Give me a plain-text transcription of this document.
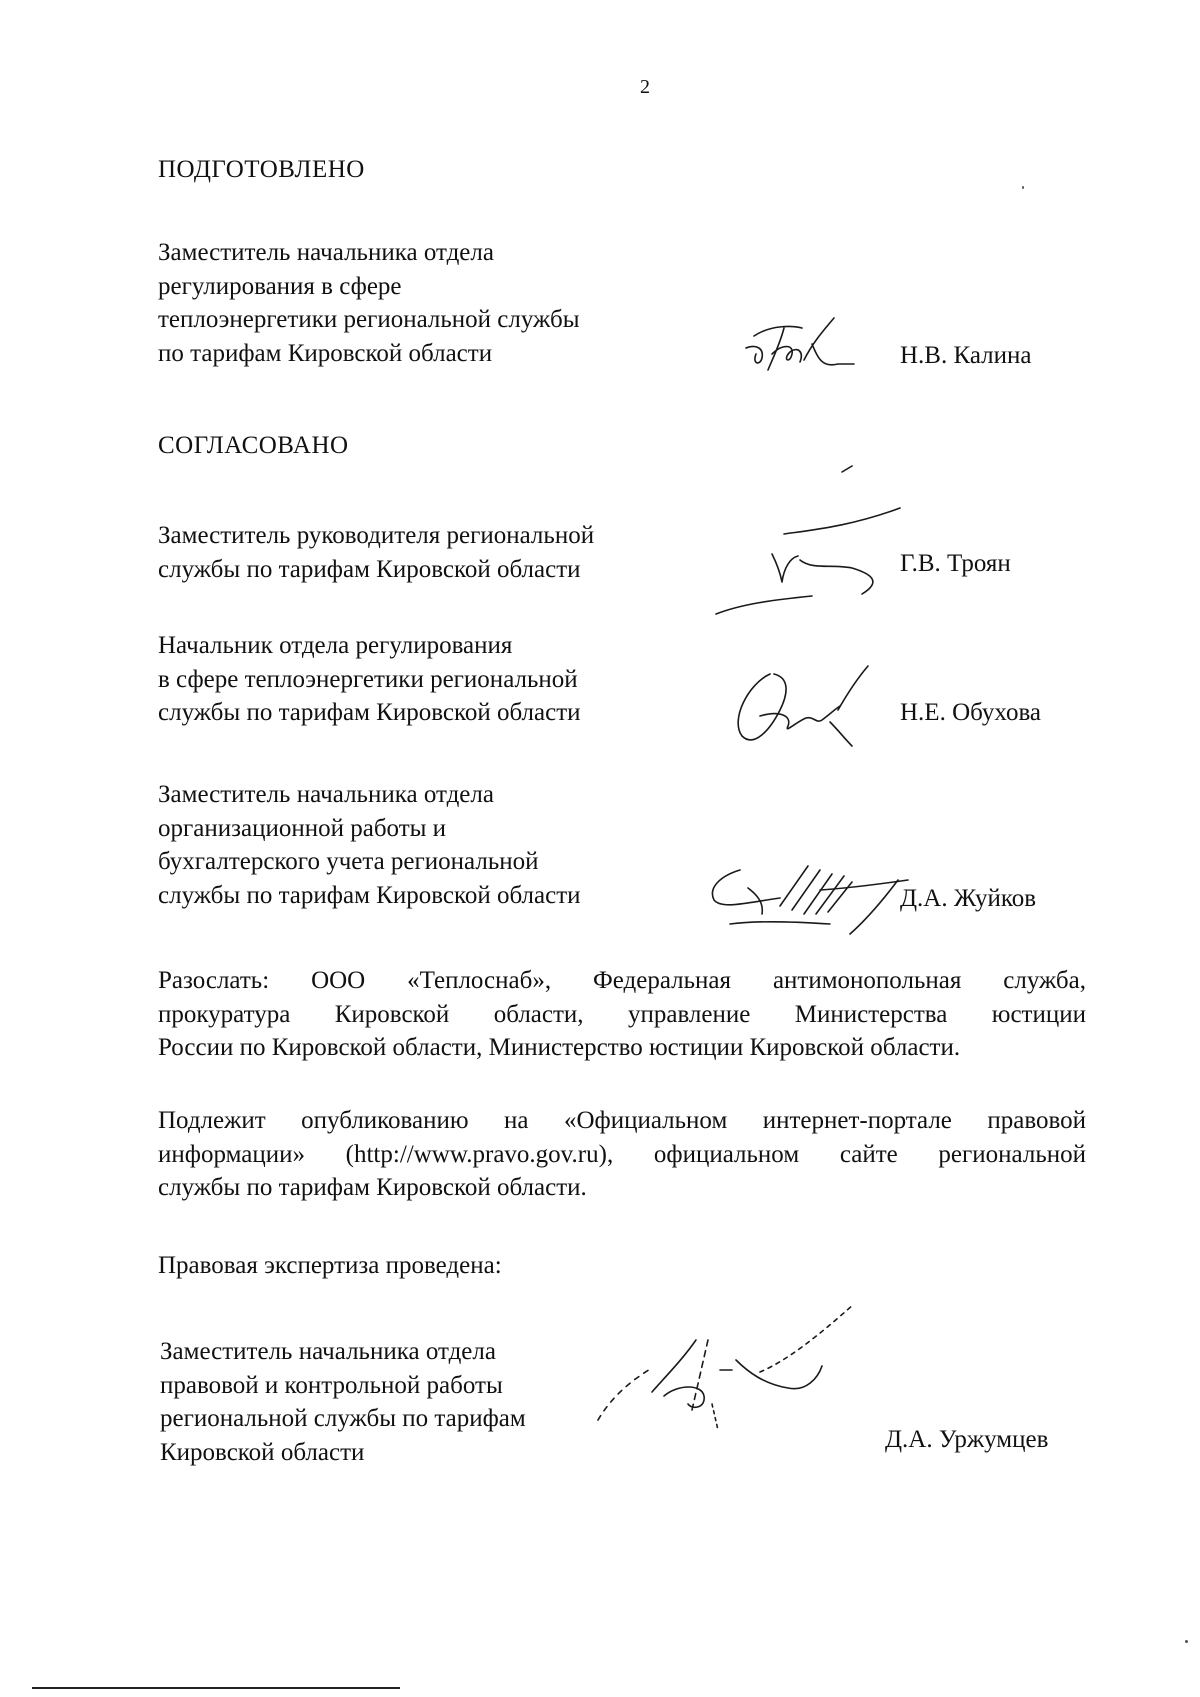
2
ПОДГОТОВЛЕНО
Заместитель начальника отдела
регулирования в сфере
теплоэнергетики региональной службы
по тарифам Кировской области	Н.В. Калина
СОГЛАСОВАНО
Заместитель руководителя региональной
службы по тарифам Кировской области	Г.В. Троян
Начальник отдела регулирования
в сфере теплоэнергетики региональной
службы по тарифам Кировской области	Н.Е. Обухова
Заместитель начальника отдела
организационной работы и
бухгалтерского учета региональной
службы по тарифам Кировской области	Д.А. Жуйков
Разослать: ООО «Теплоснаб», Федеральная антимонопольная служба,
прокуратура Кировской области, управление Министерства юстиции
России по Кировской области, Министерство юстиции Кировской области.
Подлежит опубликованию на «Официальном интернет-портале правовой
информации» (http://www.pravo.gov.ru), официальном сайте региональной
службы по тарифам Кировской области.
Правовая экспертиза проведена:
Заместитель начальника отдела
правовой и контрольной работы
региональной службы по тарифам
Кировской области	Д.А. Уржумцев
